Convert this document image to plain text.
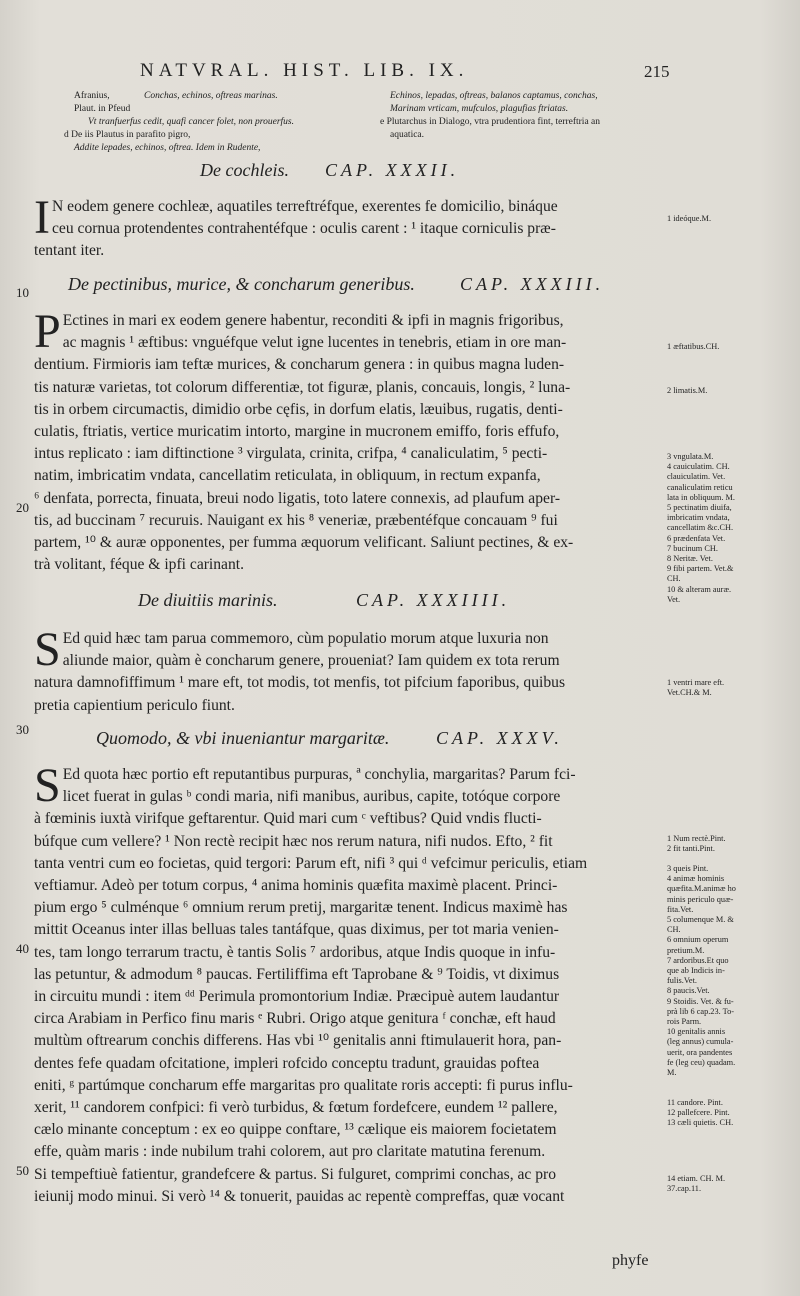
NATVRAL. HIST. LIB. IX.	215
Afranius,	Conchas, echinos, oftreas marinas.
Plaut. in Pfeud
Vt tranfuerfus cedit, quafi cancer folet, non prouerfus.
d De iis Plautus in parafito pigro,
Addite lepades, echinos, oftrea. Idem in Rudente,
Echinos, lepadas, oftreas, balanos captamus, conchas,
Marinam vrticam, mufculos, plagufias ftriatas.
e Plutarchus in Dialogo, vtra prudentiora fint, terreftria an
aquatica.
De cochleis. CAP. XXXII.
I N eodem genere cochleæ, aquatiles terreftréfque, exerentes fe domicilio, bináque
ceu cornua protendentes contrahentéfque : oculis carent : ¹ itaque corniculis præ-
tentant iter.
De pectinibus, murice, & concharum generibus.	CAP. XXXIII.
P Ectines in mari ex eodem genere habentur, reconditi & ipfi in magnis frigoribus,
ac magnis ¹ æftibus: vnguéfque velut igne lucentes in tenebris, etiam in ore man-
dentium. Firmioris iam teftæ murices, & concharum genera : in quibus magna luden-
tis naturæ varietas, tot colorum differentiæ, tot figuræ, planis, concauis, longis, ² luna-
tis in orbem circumactis, dimidio orbe cęfis, in dorfum elatis, læuibus, rugatis, denti-
culatis, ftriatis, vertice muricatim intorto, margine in mucronem emiffo, foris effufo,
intus replicato : iam diftinctione ³ virgulata, crinita, crifpa, ⁴ canaliculatim, ⁵ pecti-
natim, imbricatim vndata, cancellatim reticulata, in obliquum, in rectum expanfa,
⁶ denfata, porrecta, finuata, breui nodo ligatis, toto latere connexis, ad plaufum aper-
tis, ad buccinam ⁷ recuruis. Nauigant ex his ⁸ veneriæ, præbentéfque concauam ⁹ fui
partem, ¹⁰ & auræ opponentes, per fumma æquorum velificant. Saliunt pectines, & ex-
trà volitant, féque & ipfi carinant.
De diuitiis marinis.	CAP. XXXIIII.
S Ed quid hæc tam parua commemoro, cùm populatio morum atque luxuria non
aliunde maior, quàm è concharum genere, proueniat? Iam quidem ex tota rerum
natura damnofiffimum ¹ mare eft, tot modis, tot menfis, tot pifcium faporibus, quibus
pretia capientium periculo fiunt.
Quomodo, & vbi inueniantur margaritæ.	CAP. XXXV.
S Ed quota hæc portio eft reputantibus purpuras, ª conchylia, margaritas? Parum fci-
licet fuerat in gulas ᵇ condi maria, nifi manibus, auribus, capite, totóque corpore
à fœminis iuxtà virifque geftarentur. Quid mari cum ᶜ veftibus? Quid vndis flucti-
búfque cum vellere? ¹ Non rectè recipit hæc nos rerum natura, nifi nudos. Efto, ² fit
tanta ventri cum eo focietas, quid tergori: Parum eft, nifi ³ qui ᵈ vefcimur periculis, etiam
veftiamur. Adeò per totum corpus, ⁴ anima hominis quæfita maximè placent. Princi-
pium ergo ⁵ culménque ⁶ omnium rerum pretij, margaritæ tenent. Indicus maximè has
mittit Oceanus inter illas belluas tales tantáfque, quas diximus, per tot maria venien-
tes, tam longo terrarum tractu, è tantis Solis ⁷ ardoribus, atque Indis quoque in infu-
las petuntur, & admodum ⁸ paucas. Fertiliffima eft Taprobane & ⁹ Toidis, vt diximus
in circuitu mundi : item ᵈᵈ Perimula promontorium Indiæ. Præcipuè autem laudantur
circa Arabiam in Perfico finu maris ᵉ Rubri. Origo atque genitura ᶠ conchæ, eft haud
multùm oftrearum conchis differens. Has vbi ¹⁰ genitalis anni ftimulauerit hora, pan-
dentes fefe quadam ofcitatione, impleri rofcido conceptu tradunt, grauidas poftea
eniti, ᵍ partúmque concharum effe margaritas pro qualitate roris accepti: fi purus influ-
xerit, ¹¹ candorem confpici: fi verò turbidus, & fœtum fordefcere, eundem ¹² pallere,
cælo minante conceptum : ex eo quippe conftare, ¹³ cælique eis maiorem focietatem
effe, quàm maris : inde nubilum trahi colorem, aut pro claritate matutina ferenum.
Si tempeftiuè fatientur, grandefcere & partus. Si fulguret, comprimi conchas, ac pro
ieiunij modo minui. Si verò ¹⁴ & tonuerit, pauidas ac repentè compreffas, quæ vocant
10
20
30
40
50
1 ideóque.M.
1 æftatibus.CH.
2 limatis.M.
3 vngulata.M.
4 cauiculatim. CH.
clauiculatim. Vet.
canaliculatim reticu
lata in obliquum. M.
5 pectinatim diuifa,
imbricatim vndata,
cancellatim &c.CH.
6 prædenfata Vet.
7 bucinum CH.
8 Neritæ. Vet.
9 fibi partem. Vet.&
CH.
10 & alteram auræ.
Vet.
1 ventri mare eft.
Vet.CH.& M.
1 Num rectè.Pint.
2 fit tanti.Pint.
3 queis Pint.
4 animæ hominis
quæfita.M.animæ ho
minis periculo quæ-
fita.Vet.
5 columenque M. &
CH.
6 omnium operum
pretium.M.
7 ardoribus.Et quo
que ab Indicis in-
fulis.Vet.
8 paucis.Vet.
9 Stoidis. Vet. & fu-
prà lib 6 cap.23. To-
rois Parm.
10 genitalis annis
(leg annus) cumula-
uerit, ora pandentes
fe (leg ceu) quadam.
M.
11 candore. Pint.
12 pallefcere. Pint.
13 cæli quietis. CH.
14 etiam. CH. M.
37.cap.11.
phyfe
